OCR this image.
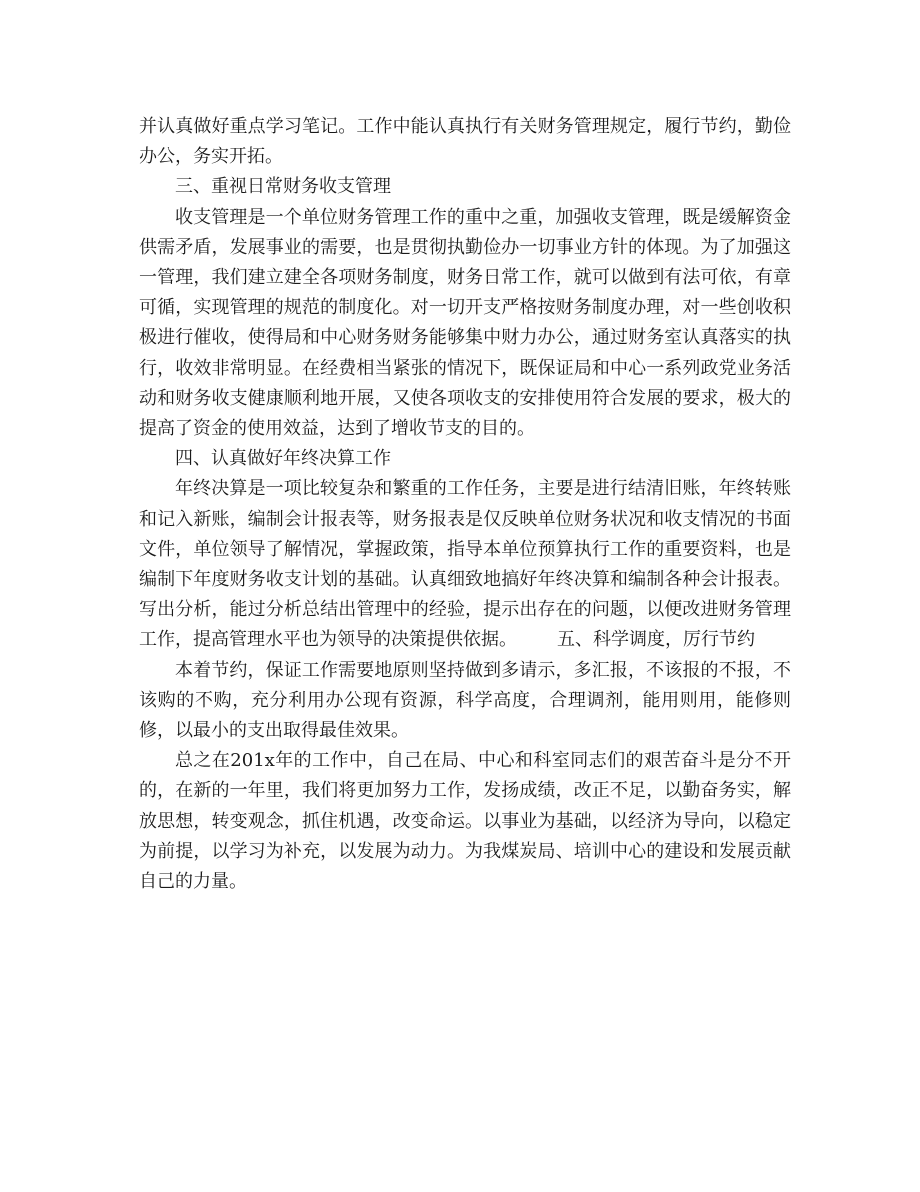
并认真做好重点学习笔记。工作中能认真执行有关财务管理规定，履行节约，勤俭办公，务实开拓。

三、重视日常财务收支管理

收支管理是一个单位财务管理工作的重中之重，加强收支管理，既是缓解资金供需矛盾，发展事业的需要，也是贯彻执勤俭办一切事业方针的体现。为了加强这一管理，我们建立建全各项财务制度，财务日常工作，就可以做到有法可依，有章可循，实现管理的规范的制度化。对一切开支严格按财务制度办理，对一些创收积极进行催收，使得局和中心财务财务能够集中财力办公，通过财务室认真落实的执行，收效非常明显。在经费相当紧张的情况下，既保证局和中心一系列政党业务活动和财务收支健康顺利地开展，又使各项收支的安排使用符合发展的要求，极大的提高了资金的使用效益，达到了增收节支的目的。

四、认真做好年终决算工作

年终决算是一项比较复杂和繁重的工作任务，主要是进行结清旧账，年终转账和记入新账，编制会计报表等，财务报表是仅反映单位财务状况和收支情况的书面文件，单位领导了解情况，掌握政策，指导本单位预算执行工作的重要资料，也是编制下年度财务收支计划的基础。认真细致地搞好年终决算和编制各种会计报表。写出分析，能过分析总结出管理中的经验，提示出存在的问题，以便改进财务管理工作，提高管理水平也为领导的决策提供依据。 五、科学调度，厉行节约

本着节约，保证工作需要地原则坚持做到多请示，多汇报，不该报的不报，不该购的不购，充分利用办公现有资源，科学高度，合理调剂，能用则用，能修则修，以最小的支出取得最佳效果。

总之在201x年的工作中，自己在局、中心和科室同志们的艰苦奋斗是分不开的，在新的一年里，我们将更加努力工作，发扬成绩，改正不足，以勤奋务实，解放思想，转变观念，抓住机遇，改变命运。以事业为基础，以经济为导向，以稳定为前提，以学习为补充，以发展为动力。为我煤炭局、培训中心的建设和发展贡献自己的力量。
